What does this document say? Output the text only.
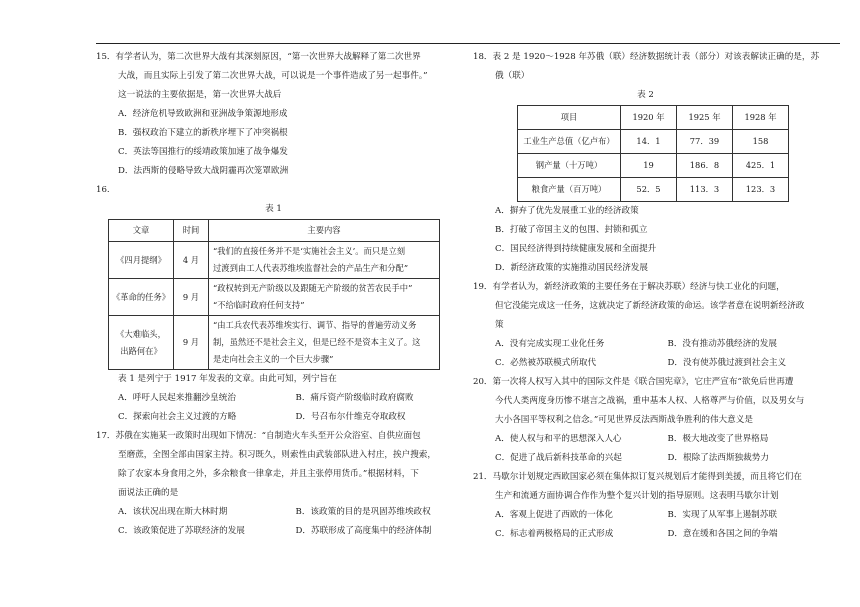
15．有学者认为，第二次世界大战有其深刻原因，“第一次世界大战解释了第二次世界
大战，而且实际上引发了第二次世界大战，可以说是一个事件造成了另一起事件。”
这一说法的主要依据是，第一次世界大战后
A．经济危机导致欧洲和亚洲战争策源地形成
B．强权政治下建立的新秩序埋下了冲突祸根
C．英法等国推行的绥靖政策加速了战争爆发
D．法西斯的侵略导致大战阴霾再次笼罩欧洲
16.
表 1
文章	时间	主要内容
《四月提纲》	4 月	“我们的直接任务并不是‘实施社会主义’。而只是立刻
过渡到由工人代表苏维埃监督社会的产品生产和分配”

《革命的任务》	9 月	“政权转到无产阶级以及跟随无产阶级的贫苦农民手中”
“不给临时政府任何支持”

《大难临头，出路何在》	9 月	“由工兵农代表苏维埃实行、调节、指导的普遍劳动义务
制，虽然还不是社会主义，但是已经不是资本主义了。这
是走向社会主义的一个巨大步骤”
表 1 是列宁于 1917 年发表的文章。由此可知，列宁旨在
A．呼吁人民起来推翻沙皇统治	B．痛斥资产阶级临时政府腐败
C．探索向社会主义过渡的方略	D．号召布尔什维克夺取政权
17．苏俄在实施某一政策时出现如下情况：“自制造火车头至开公众浴室、自供应面包
至磨蔗，全图全部由国家主持。积习既久，则索性由武装部队进入村庄，挨户搜索，
除了农家本身食用之外，多余粮食一律拿走，并且主张停用货币。”根据材料，下
面说法正确的是
A．该状况出现在斯大林时期	B．该政策的目的是巩固苏维埃政权
C．该政策促进了苏联经济的发展	D．苏联形成了高度集中的经济体制
18．表 2 是 1920～1928 年苏俄（联）经济数据统计表（部分）对该表解读正确的是，苏
俄（联）
表 2
项目	1920 年	1925 年	1928 年
工业生产总值（亿卢布）	14．1	77．39	158
钢产量（十万吨）	19	186．8	425．1
粮食产量（百万吨）	52．5	113．3	123．3
A．摒弃了优先发展重工业的经济政策
B．打破了帝国主义的包围、封锁和孤立
C．国民经济得到持续健康发展和全面提升
D．新经济政策的实施推动国民经济发展
19．有学者认为，新经济政策的主要任务在于解决苏联）经济与快工业化的问题，
但它没能完成这一任务，这就决定了新经济政策的命运。该学者意在说明新经济政
策
A．没有完成实现工业化任务	B．没有推动苏俄经济的发展
C．必然被苏联模式所取代	D．没有使苏俄过渡到社会主义
20．第一次将人权写入其中的国际文件是《联合国宪章》，它庄严宣布“欲免后世再遭
今代人类两度身历惨不堪言之战祸，重申基本人权、人格尊严与价值，以及男女与
大小各国平等权利之信念。”可见世界反法西斯战争胜利的伟大意义是
A．使人权与和平的思想深入人心	B．极大地改变了世界格局
C．促进了战后新科技革命的兴起	D．根除了法西斯独裁势力
21．马歇尔计划规定西欧国家必须在集体拟订复兴规划后才能得到美援，而且将它们在
生产和流通方面协调合作作为整个复兴计划的指导原则。这表明马歇尔计划
A．客观上促进了西欧的一体化	B．实现了从军事上遏制苏联
C．标志着两极格局的正式形成	D．意在缓和各国之间的争端
